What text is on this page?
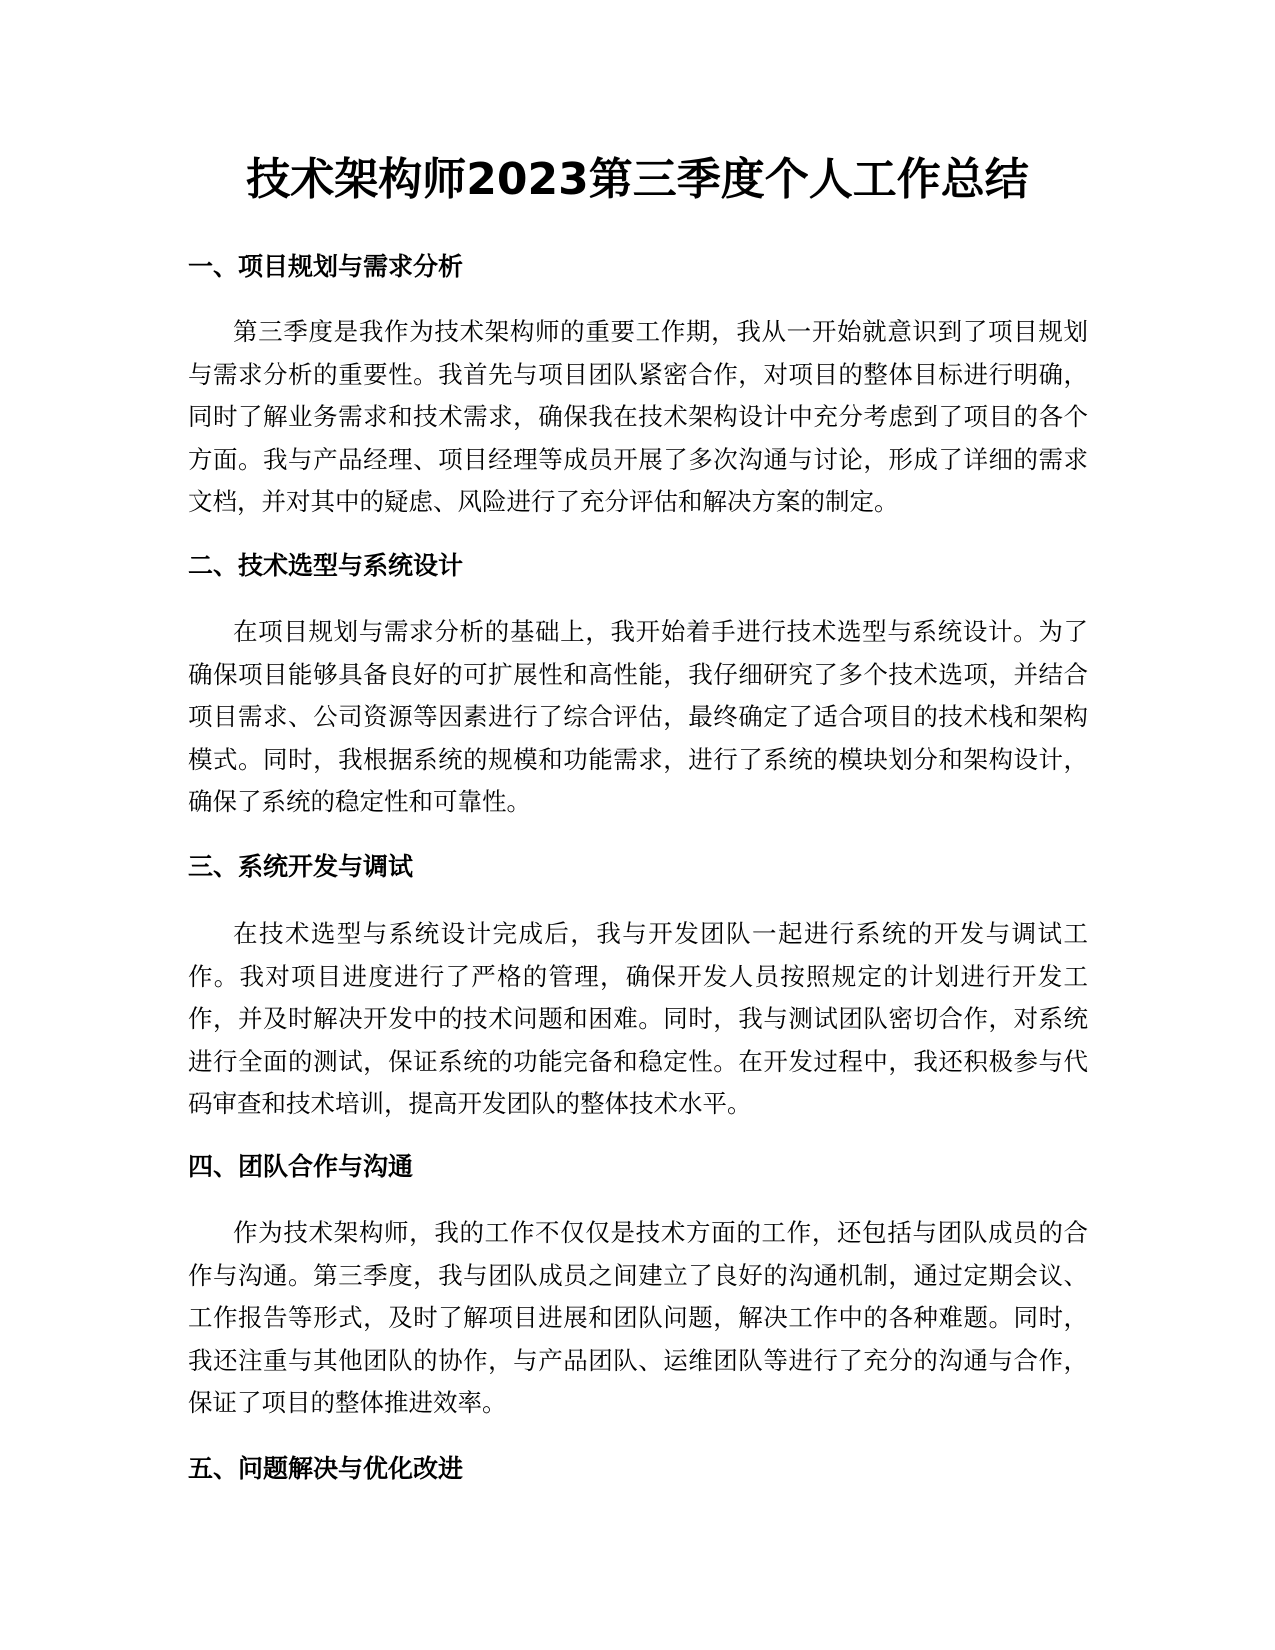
技术架构师2023第三季度个人工作总结
一、项目规划与需求分析

第三季度是我作为技术架构师的重要工作期，我从一开始就意识到了项目规划与需求分析的重要性。我首先与项目团队紧密合作，对项目的整体目标进行明确，同时了解业务需求和技术需求，确保我在技术架构设计中充分考虑到了项目的各个方面。我与产品经理、项目经理等成员开展了多次沟通与讨论，形成了详细的需求文档，并对其中的疑虑、风险进行了充分评估和解决方案的制定。

二、技术选型与系统设计

在项目规划与需求分析的基础上，我开始着手进行技术选型与系统设计。为了确保项目能够具备良好的可扩展性和高性能，我仔细研究了多个技术选项，并结合项目需求、公司资源等因素进行了综合评估，最终确定了适合项目的技术栈和架构模式。同时，我根据系统的规模和功能需求，进行了系统的模块划分和架构设计，确保了系统的稳定性和可靠性。

三、系统开发与调试

在技术选型与系统设计完成后，我与开发团队一起进行系统的开发与调试工作。我对项目进度进行了严格的管理，确保开发人员按照规定的计划进行开发工作，并及时解决开发中的技术问题和困难。同时，我与测试团队密切合作，对系统进行全面的测试，保证系统的功能完备和稳定性。在开发过程中，我还积极参与代码审查和技术培训，提高开发团队的整体技术水平。

四、团队合作与沟通

作为技术架构师，我的工作不仅仅是技术方面的工作，还包括与团队成员的合作与沟通。第三季度，我与团队成员之间建立了良好的沟通机制，通过定期会议、工作报告等形式，及时了解项目进展和团队问题，解决工作中的各种难题。同时，我还注重与其他团队的协作，与产品团队、运维团队等进行了充分的沟通与合作，保证了项目的整体推进效率。

五、问题解决与优化改进
